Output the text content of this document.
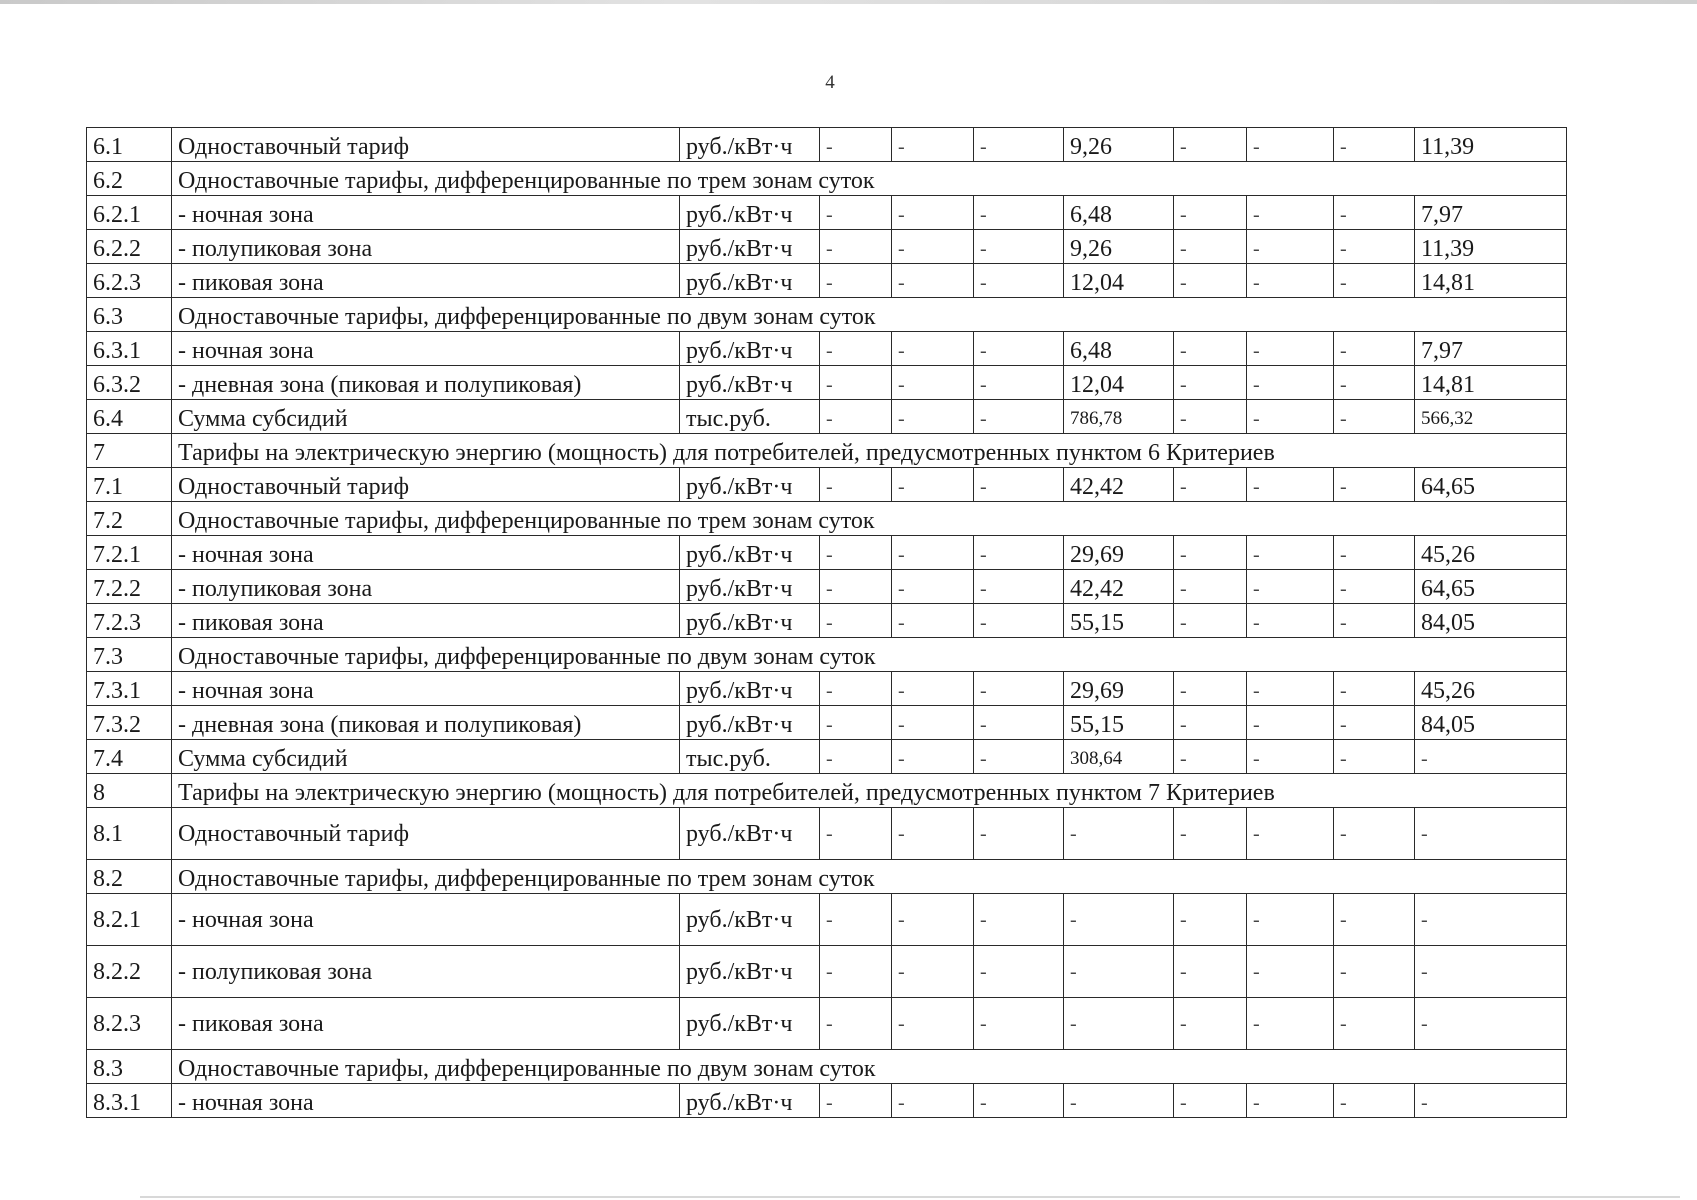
4
6.1	Одноставочный тариф	руб./кВт·ч	-	-	-	9,26	-	-	-	11,39
6.2	Одноставочные тарифы, дифференцированные по трем зонам суток									
6.2.1	- ночная зона	руб./кВт·ч	-	-	-	6,48	-	-	-	7,97
6.2.2	- полупиковая зона	руб./кВт·ч	-	-	-	9,26	-	-	-	11,39
6.2.3	- пиковая зона	руб./кВт·ч	-	-	-	12,04	-	-	-	14,81
6.3	Одноставочные тарифы, дифференцированные по двум зонам суток									
6.3.1	- ночная зона	руб./кВт·ч	-	-	-	6,48	-	-	-	7,97
6.3.2	- дневная зона (пиковая и полупиковая)	руб./кВт·ч	-	-	-	12,04	-	-	-	14,81
6.4	Сумма субсидий	тыс.руб.	-	-	-	786,78	-	-	-	566,32
7	Тарифы на электрическую энергию (мощность) для потребителей, предусмотренных пунктом 6 Критериев									
7.1	Одноставочный тариф	руб./кВт·ч	-	-	-	42,42	-	-	-	64,65
7.2	Одноставочные тарифы, дифференцированные по трем зонам суток									
7.2.1	- ночная зона	руб./кВт·ч	-	-	-	29,69	-	-	-	45,26
7.2.2	- полупиковая зона	руб./кВт·ч	-	-	-	42,42	-	-	-	64,65
7.2.3	- пиковая зона	руб./кВт·ч	-	-	-	55,15	-	-	-	84,05
7.3	Одноставочные тарифы, дифференцированные по двум зонам суток									
7.3.1	- ночная зона	руб./кВт·ч	-	-	-	29,69	-	-	-	45,26
7.3.2	- дневная зона (пиковая и полупиковая)	руб./кВт·ч	-	-	-	55,15	-	-	-	84,05
7.4	Сумма субсидий	тыс.руб.	-	-	-	308,64	-	-	-	-
8	Тарифы на электрическую энергию (мощность) для потребителей, предусмотренных пунктом 7 Критериев									
8.1	Одноставочный тариф	руб./кВт·ч	-	-	-	-	-	-	-	-
8.2	Одноставочные тарифы, дифференцированные по трем зонам суток									
8.2.1	- ночная зона	руб./кВт·ч	-	-	-	-	-	-	-	-
8.2.2	- полупиковая зона	руб./кВт·ч	-	-	-	-	-	-	-	-
8.2.3	- пиковая зона	руб./кВт·ч	-	-	-	-	-	-	-	-
8.3	Одноставочные тарифы, дифференцированные по двум зонам суток									
8.3.1	- ночная зона	руб./кВт·ч	-	-	-	-	-	-	-	-
